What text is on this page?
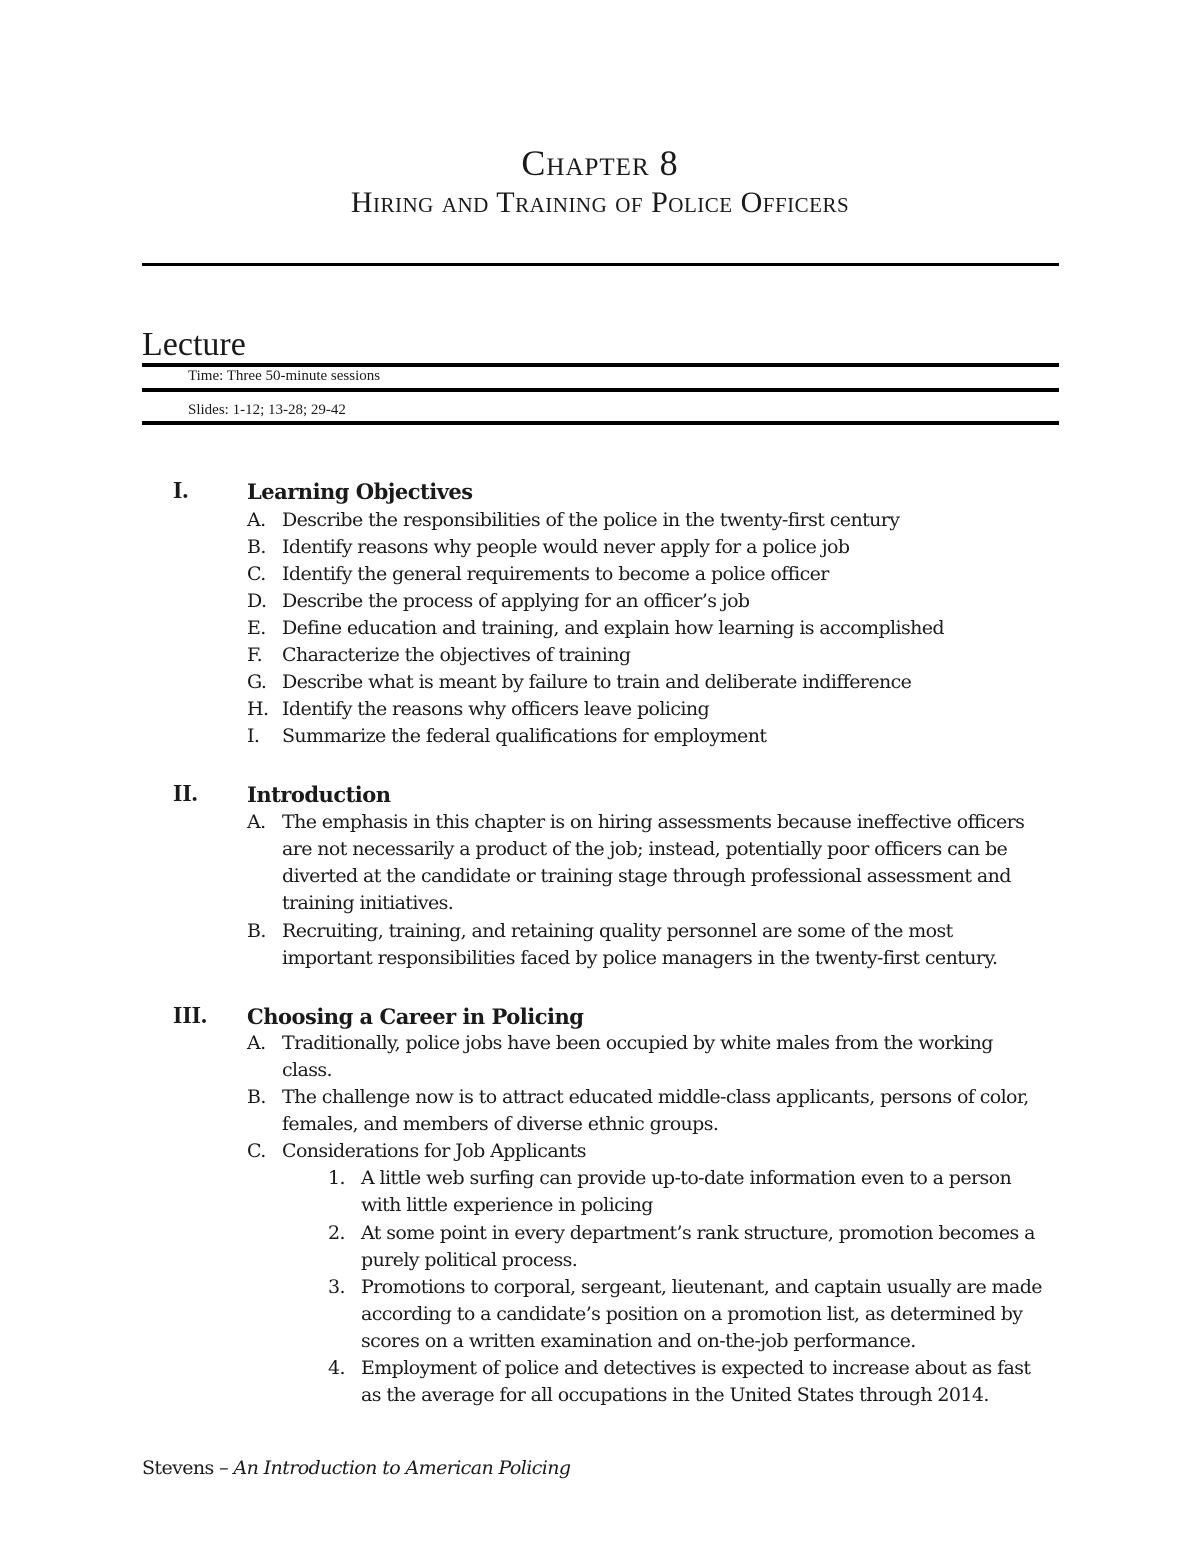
Chapter 8
Hiring and Training of Police Officers
Lecture
Time: Three 50-minute sessions
Slides: 1-12; 13-28; 29-42
I.	Learning Objectives
A. Describe the responsibilities of the police in the twenty-first century
B. Identify reasons why people would never apply for a police job
C. Identify the general requirements to become a police officer
D. Describe the process of applying for an officer’s job
E. Define education and training, and explain how learning is accomplished
F. Characterize the objectives of training
G. Describe what is meant by failure to train and deliberate indifference
H. Identify the reasons why officers leave policing
I. Summarize the federal qualifications for employment
II. Introduction
A. The emphasis in this chapter is on hiring assessments because ineffective officers
are not necessarily a product of the job; instead, potentially poor officers can be
diverted at the candidate or training stage through professional assessment and
training initiatives.
B. Recruiting, training, and retaining quality personnel are some of the most
important responsibilities faced by police managers in the twenty-first century.
III. Choosing a Career in Policing
A. Traditionally, police jobs have been occupied by white males from the working
class.
B. The challenge now is to attract educated middle-class applicants, persons of color,
females, and members of diverse ethnic groups.
C. Considerations for Job Applicants
1. A little web surfing can provide up-to-date information even to a person
with little experience in policing
2. At some point in every department’s rank structure, promotion becomes a
purely political process.
3. Promotions to corporal, sergeant, lieutenant, and captain usually are made
according to a candidate’s position on a promotion list, as determined by
scores on a written examination and on-the-job performance.
4. Employment of police and detectives is expected to increase about as fast
as the average for all occupations in the United States through 2014.
Stevens – An Introduction to American Policing
